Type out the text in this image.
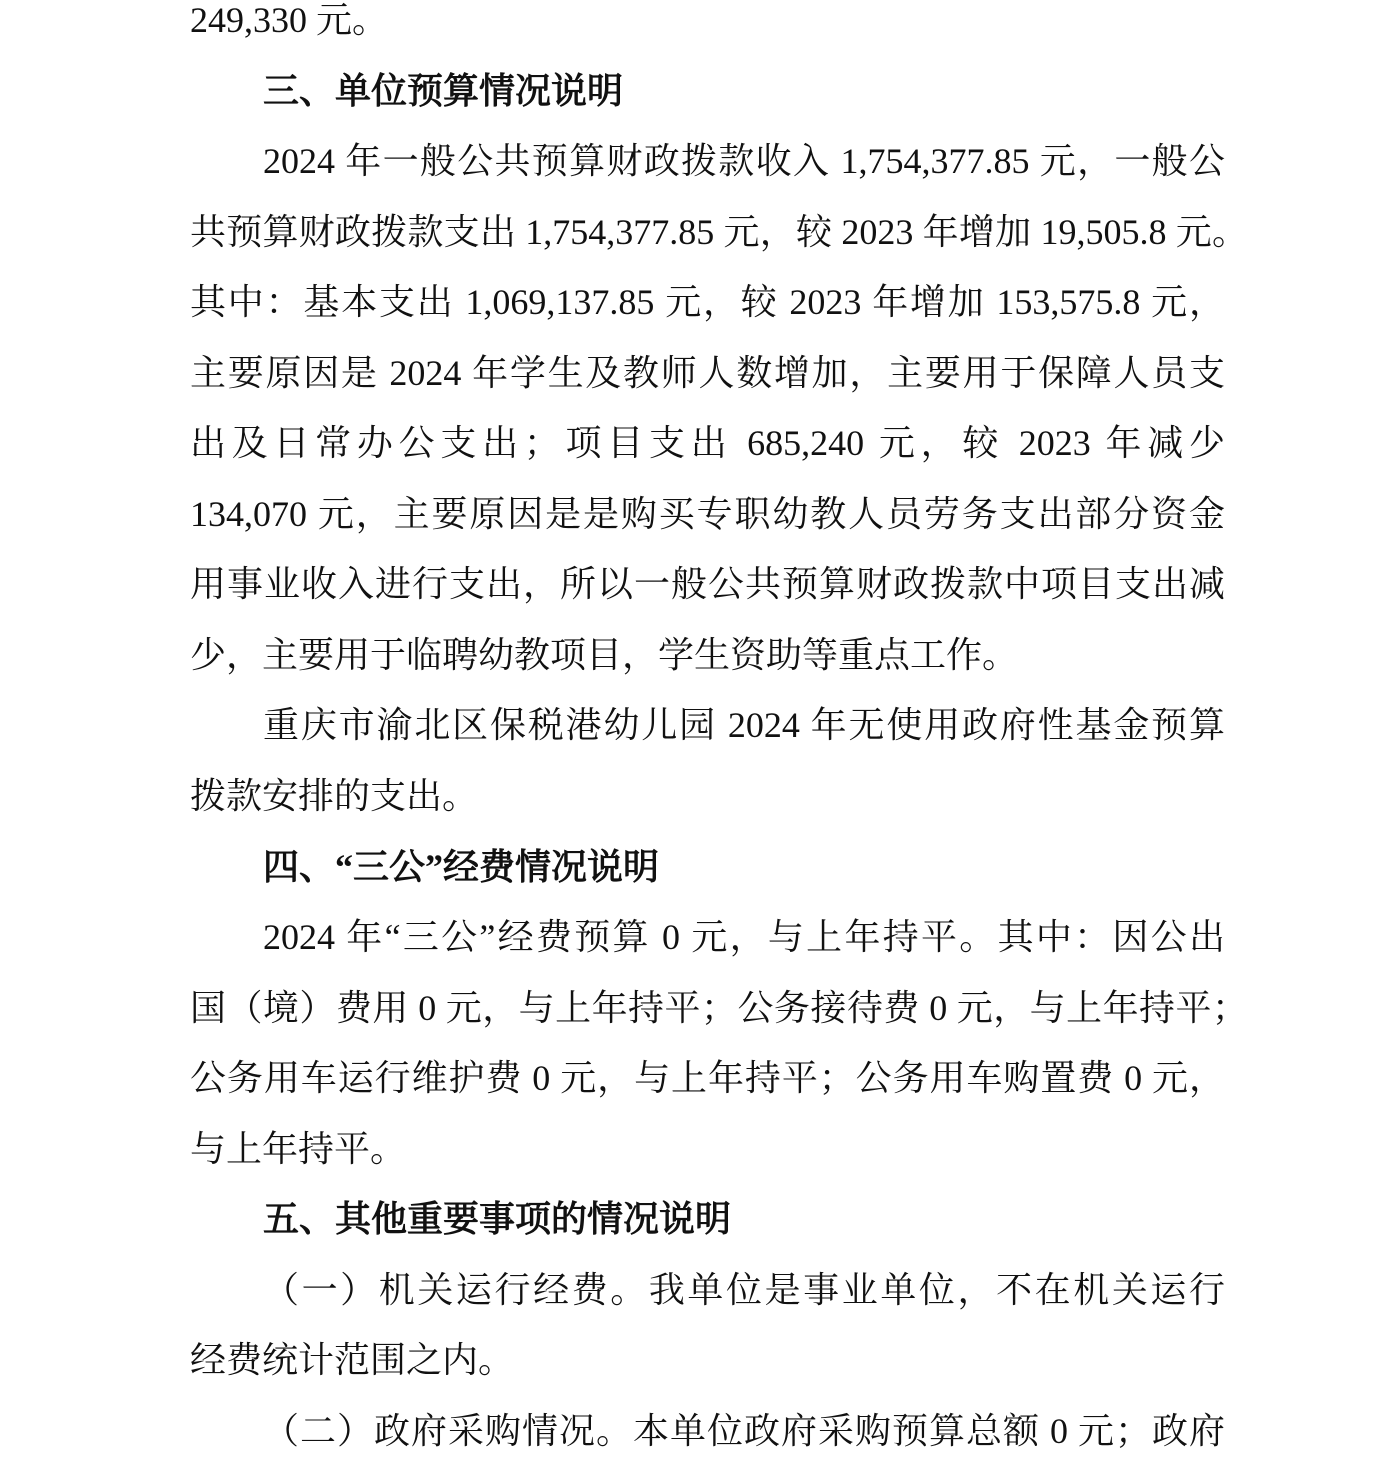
249,330 元。
三、单位预算情况说明
2024 年一般公共预算财政拨款收入 1,754,377.85 元，一般公
共预算财政拨款支出 1,754,377.85 元，较 2023 年增加 19,505.8 元。
其中：基本支出 1,069,137.85 元，较 2023 年增加 153,575.8 元，
主要原因是 2024 年学生及教师人数增加，主要用于保障人员支
出及日常办公支出；项目支出 685,240 元，较 2023 年减少
134,070 元，主要原因是是购买专职幼教人员劳务支出部分资金
用事业收入进行支出，所以一般公共预算财政拨款中项目支出减
少，主要用于临聘幼教项目，学生资助等重点工作。
重庆市渝北区保税港幼儿园 2024 年无使用政府性基金预算
拨款安排的支出。
四、“三公”经费情况说明
2024 年“三公”经费预算 0 元，与上年持平。其中：因公出
国（境）费用 0 元，与上年持平；公务接待费 0 元，与上年持平；
公务用车运行维护费 0 元，与上年持平；公务用车购置费 0 元，
与上年持平。
五、其他重要事项的情况说明
（一）机关运行经费。我单位是事业单位，不在机关运行
经费统计范围之内。
（二）政府采购情况。本单位政府采购预算总额 0 元；政府
